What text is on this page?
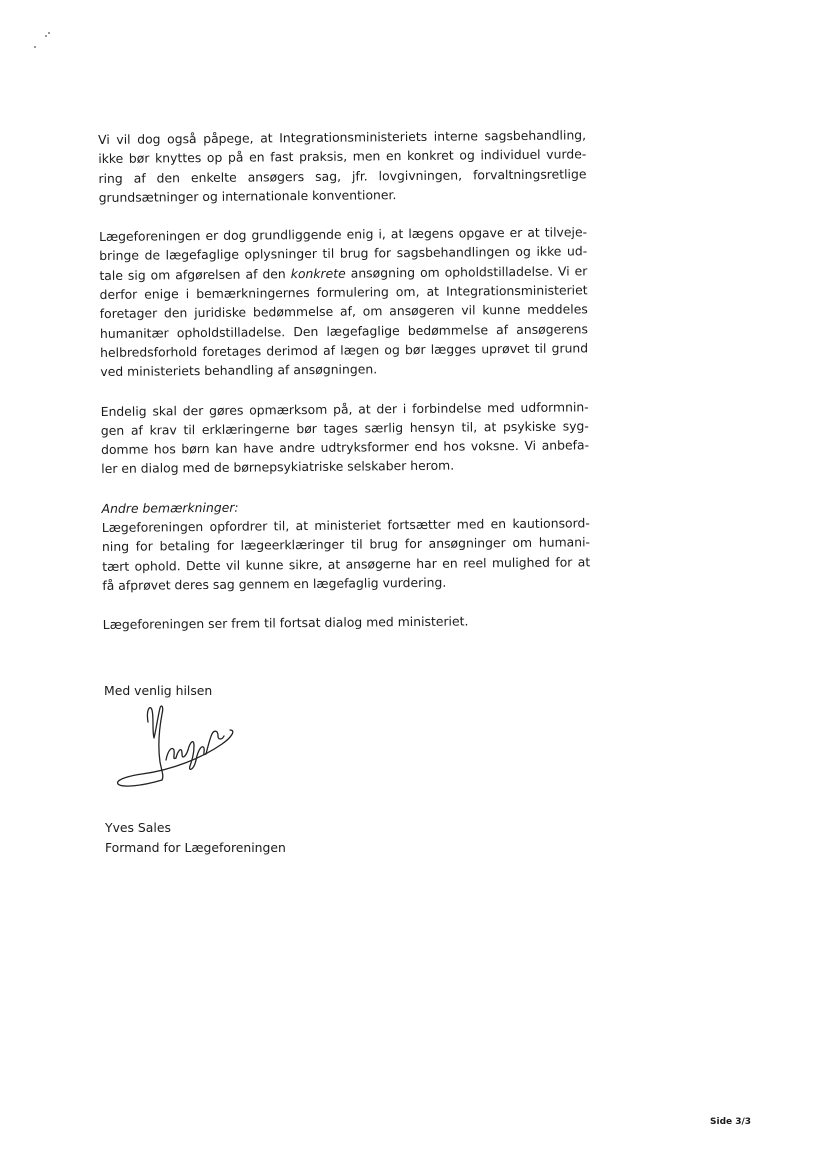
Vi vil dog også påpege, at Integrationsministeriets interne sagsbehandling,
ikke bør knyttes op på en fast praksis, men en konkret og individuel vurde-
ring af den enkelte ansøgers sag, jfr. lovgivningen, forvaltningsretlige
grundsætninger og internationale konventioner.

Lægeforeningen er dog grundliggende enig i, at lægens opgave er at tilveje-
bringe de lægefaglige oplysninger til brug for sagsbehandlingen og ikke ud-
tale sig om afgørelsen af den konkrete ansøgning om opholdstilladelse. Vi er
derfor enige i bemærkningernes formulering om, at Integrationsministeriet
foretager den juridiske bedømmelse af, om ansøgeren vil kunne meddeles
humanitær opholdstilladelse. Den lægefaglige bedømmelse af ansøgerens
helbredsforhold foretages derimod af lægen og bør lægges uprøvet til grund
ved ministeriets behandling af ansøgningen.

Endelig skal der gøres opmærksom på, at der i forbindelse med udformnin-
gen af krav til erklæringerne bør tages særlig hensyn til, at psykiske syg-
domme hos børn kan have andre udtryksformer end hos voksne. Vi anbefa-
ler en dialog med de børnepsykiatriske selskaber herom.

Andre bemærkninger:
Lægeforeningen opfordrer til, at ministeriet fortsætter med en kautionsord-
ning for betaling for lægeerklæringer til brug for ansøgninger om humani-
tært ophold. Dette vil kunne sikre, at ansøgerne har en reel mulighed for at
få afprøvet deres sag gennem en lægefaglig vurdering.

Lægeforeningen ser frem til fortsat dialog med ministeriet.

Med venlig hilsen
Yves Sales
Formand for Lægeforeningen
Side 3/3
